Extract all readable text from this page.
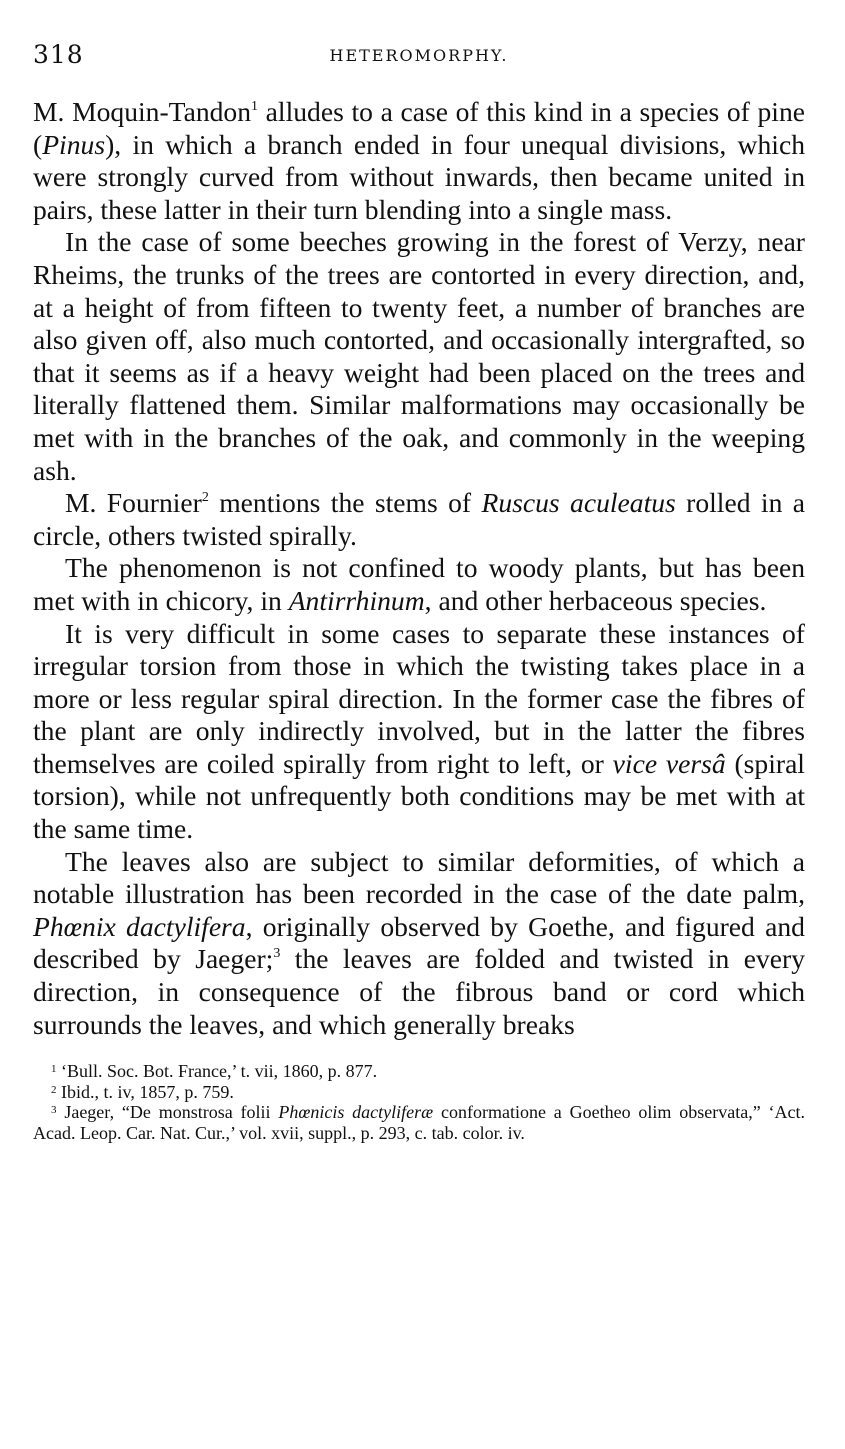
318	HETEROMORPHY.

M. Moquin-Tandon$^1$ alludes to a case of this kind in a species of pine (Pinus), in which a branch ended in four unequal divisions, which were strongly curved from without inwards, then became united in pairs, these latter in their turn blending into a single mass.

In the case of some beeches growing in the forest of Verzy, near Rheims, the trunks of the trees are contorted in every direction, and, at a height of from fifteen to twenty feet, a number of branches are also given off, also much contorted, and occasionally intergrafted, so that it seems as if a heavy weight had been placed on the trees and literally flattened them. Similar malformations may occasionally be met with in the branches of the oak, and commonly in the weeping ash.

M. Fournier$^2$ mentions the stems of Ruscus aculeatus rolled in a circle, others twisted spirally.

The phenomenon is not confined to woody plants, but has been met with in chicory, in Antirrhinum, and other herbaceous species.

It is very difficult in some cases to separate these instances of irregular torsion from those in which the twisting takes place in a more or less regular spiral direction. In the former case the fibres of the plant are only indirectly involved, but in the latter the fibres themselves are coiled spirally from right to left, or vice versâ (spiral torsion), while not unfrequently both conditions may be met with at the same time.

The leaves also are subject to similar deformities, of which a notable illustration has been recorded in the case of the date palm, Phœnix dactylifera, originally observed by Goethe, and figured and described by Jaeger;$^3$ the leaves are folded and twisted in every direction, in consequence of the fibrous band or cord which surrounds the leaves, and which generally breaks

$^1$ ‘Bull. Soc. Bot. France,’ t. vii, 1860, p. 877.

$^2$ Ibid., t. iv, 1857, p. 759.

$^3$ Jaeger, “De monstrosa folii Phœnicis dactyliferæ conformatione a Goetheo olim observata,” ‘Act. Acad. Leop. Car. Nat. Cur.,’ vol. xvii, suppl., p. 293, c. tab. color. iv.
